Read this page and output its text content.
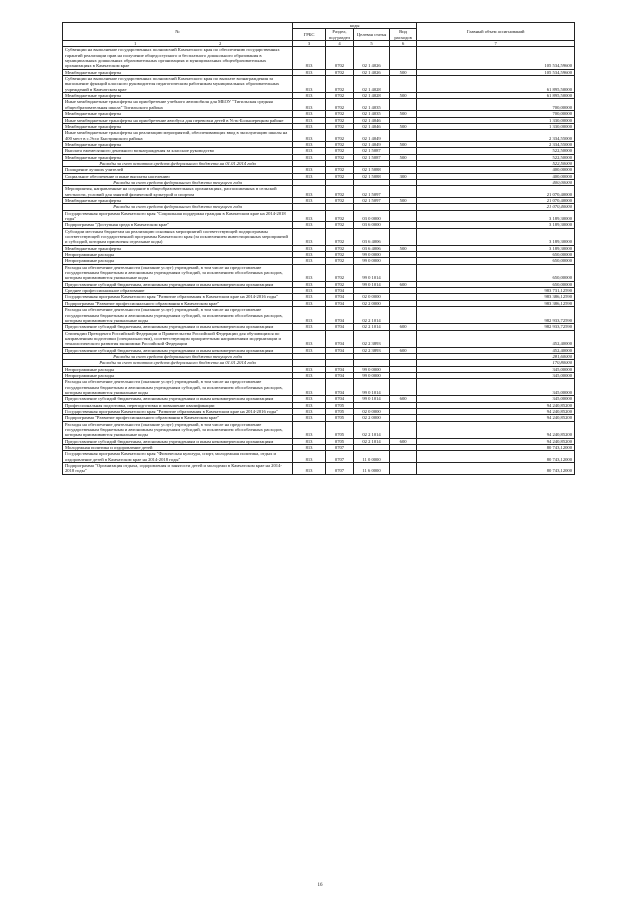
№	коды				Главный объем ассигнований
	ГРБС	Раздел, под-раздел	Целевая статья	Вид расходов	
1                  2	3	4	5	6	7
Субвенции на выполнение государственных полномочий Камчатского края по обеспечению государственных гарантий реализации прав на получение общедоступного и бесплатного дошкольного образования в муниципальных дошкольных образовательных организациях и муниципальных общеобразовательных организациях в Камчатском крае	813	0702	02 1 4026		105 534,59600
Межбюджетные трансферты	813	0702	02 1 4026	500	105 534,59600
Субвенции на выполнение государственных полномочий Камчатского края по выплате вознаграждения за выполнение функций классного руководителя педагогическим работникам муниципальных образовательных учреждений в Камчатском крае	813	0702	02 1 4028		61 895,50000
Межбюджетные трансферты	813	0702	02 1 4028	500	61 895,50000
Иные межбюджетные трансферты на приобретение учебного автомобиля для МБОУ "Тигильская средняя общеобразовательная школа" Тигильского района	813	0702	02 1 4035		700,00000
Межбюджетные трансферты	813	0702	02 1 4035	500	700,00000
Иные межбюджетные трансферты на приобретение автобуса для перевозки детей в Усть-Большерецком районе	813	0702	02 1 4046		1 330,00000
Межбюджетные трансферты	813	0702	02 1 4046	500	1 330,00000
Иные межбюджетные трансферты на реализацию мероприятий, обеспечивающих ввод в эксплуатацию школы на 400 мест в с.Эссо Быстринского района	813	0702	02 1 4049		2 334,55000
Межбюджетные трансферты	813	0702	02 1 4049	500	2 334,55000
Выплата ежемесячного денежного вознаграждения за классное руководство	813	0702	02 1 5087		522,50000
Межбюджетные трансферты	813	0702	02 1 5087	500	522,50000
Расходы за счет остатков средств федерального бюджета на 01.01.2014 года					522,50000
Поощрение лучших учителей	813	0702	02 1 5088		400,00000
Социальное обеспечение и иные выплаты населению	813	0702	02 1 5088	300	400,00000
Расходы за счет средств федерального бюджета текущего года					400,00000
Мероприятия, направленные на создание в общеобразовательных организациях, расположенных в сельской местности, условий для занятий физической культурой и спортом	813	0702	02 1 5097		21 070,40000
Межбюджетные трансферты	813	0702	02 1 5097	500	21 070,40000
Расходы за счет средств федерального бюджета текущего года					21 070,40000
Государственная программа Камчатского края "Социальная поддержка граждан в Камчатском крае на 2014-2018 годы"	813	0702	03 0 0000		3 189,30000
Подпрограмма "Доступная среда в Камчатском крае"	813	0702	03 6 0000		3 189,30000
Субсидии местным бюджетам на реализацию основных мероприятий соответствующей подпрограммы соответствующей государственной программы Камчатского края (за исключением инвестиционных мероприятий и субсидий, которым присвоены отдельные коды)	813	0702	03 6 4006		3 189,30000
Межбюджетные трансферты	813	0702	03 6 4006	500	3 189,30000
Непрограммные расходы	813	0702	99 0 0000		650,00000
Непрограммные расходы	813	0702	99 0 0000		650,00000
Расходы на обеспечение деятельности (оказание услуг) учреждений, в том числе на предоставление государственным бюджетным и автономным учреждениям субсидий, за исключением обособленных расходов, которым присваиваются уникальные коды	813	0702	99 0 1014		650,00000
Предоставление субсидий бюджетным, автономным учреждениям и иным некоммерческим организациям	813	0702	99 0 1014	600	650,00000
Среднее профессиональное образование	813	0704			983 731,12590
Государственная программа Камчатского края "Развитие образования в Камчатском крае на 2014-2016 годы"	813	0704	02 0 0000		983 386,12590
Подпрограмма "Развитие профессионального образования в Камчатском крае"	813	0704	02 2 0000		983 386,12590
Расходы на обеспечение деятельности (оказание услуг) учреждений, в том числе на предоставление государственным бюджетным и автономным учреждениям субсидий, за исключением обособленных расходов, которым присваиваются уникальные коды	813	0704	02 2 1014		982 933,72590
Предоставление субсидий бюджетным, автономным учреждениям и иным некоммерческим организациям	813	0704	02 2 1014	600	982 933,72590
Стипендии Президента Российской Федерации и Правительства Российской Федерации для обучающихся по направлениям подготовки (специальностям), соответствующим приоритетным направлениям модернизации и технологического развития экономики Российской Федерации	813	0704	02 2 3893		452,40000
Предоставление субсидий бюджетным, автономным учреждениям и иным некоммерческим организациям	813	0704	02 2 3893	600	452,40000
Расходы за счет средств федерального бюджета текущего года					281,60000
Расходы за счет остатков средств федерального бюджета на 01.01.2014 года					170,80000
Непрограммные расходы	813	0704	99 0 0000		345,00000
Непрограммные расходы	813	0704	99 0 0000		345,00000
Расходы на обеспечение деятельности (оказание услуг) учреждений, в том числе на предоставление государственным бюджетным и автономным учреждениям субсидий, за исключением обособленных расходов, которым присваиваются уникальные коды	813	0704	99 0 1014		345,00000
Предоставление субсидий бюджетным, автономным учреждениям и иным некоммерческим организациям	813	0704	99 0 1014	600	345,00000
Профессиональная подготовка, переподготовка и повышение квалификации	813	0705			94 240,85200
Государственная программа Камчатского края "Развитие образования в Камчатском крае на 2014-2016 годы"	813	0705	02 0 0000		94 240,85200
Подпрограмма "Развитие профессионального образования в Камчатском крае"	813	0705	02 2 0000		94 240,85200
Расходы на обеспечение деятельности (оказание услуг) учреждений, в том числе на предоставление государственным бюджетным и автономным учреждениям субсидий, за исключением обособленных расходов, которым присваиваются уникальные коды	813	0705	02 2 1014		94 240,85200
Предоставление субсидий бюджетным, автономным учреждениям и иным некоммерческим организациям	813	0705	02 2 1014	600	94 240,85200
Молодежная политика и оздоровление детей	813	0707			80 743,12000
Государственная программа Камчатского края "Физическая культура, спорт, молодежная политика, отдых и оздоровление детей в Камчатском крае на 2014-2018 годы"	813	0707	11 0 0000		80 743,12000
Подпрограмма "Организация отдыха, оздоровления и занятости детей и молодежи в Камчатском крае на 2014-2018 годы"	813	0707	11 6 0000		80 743,12000
16
